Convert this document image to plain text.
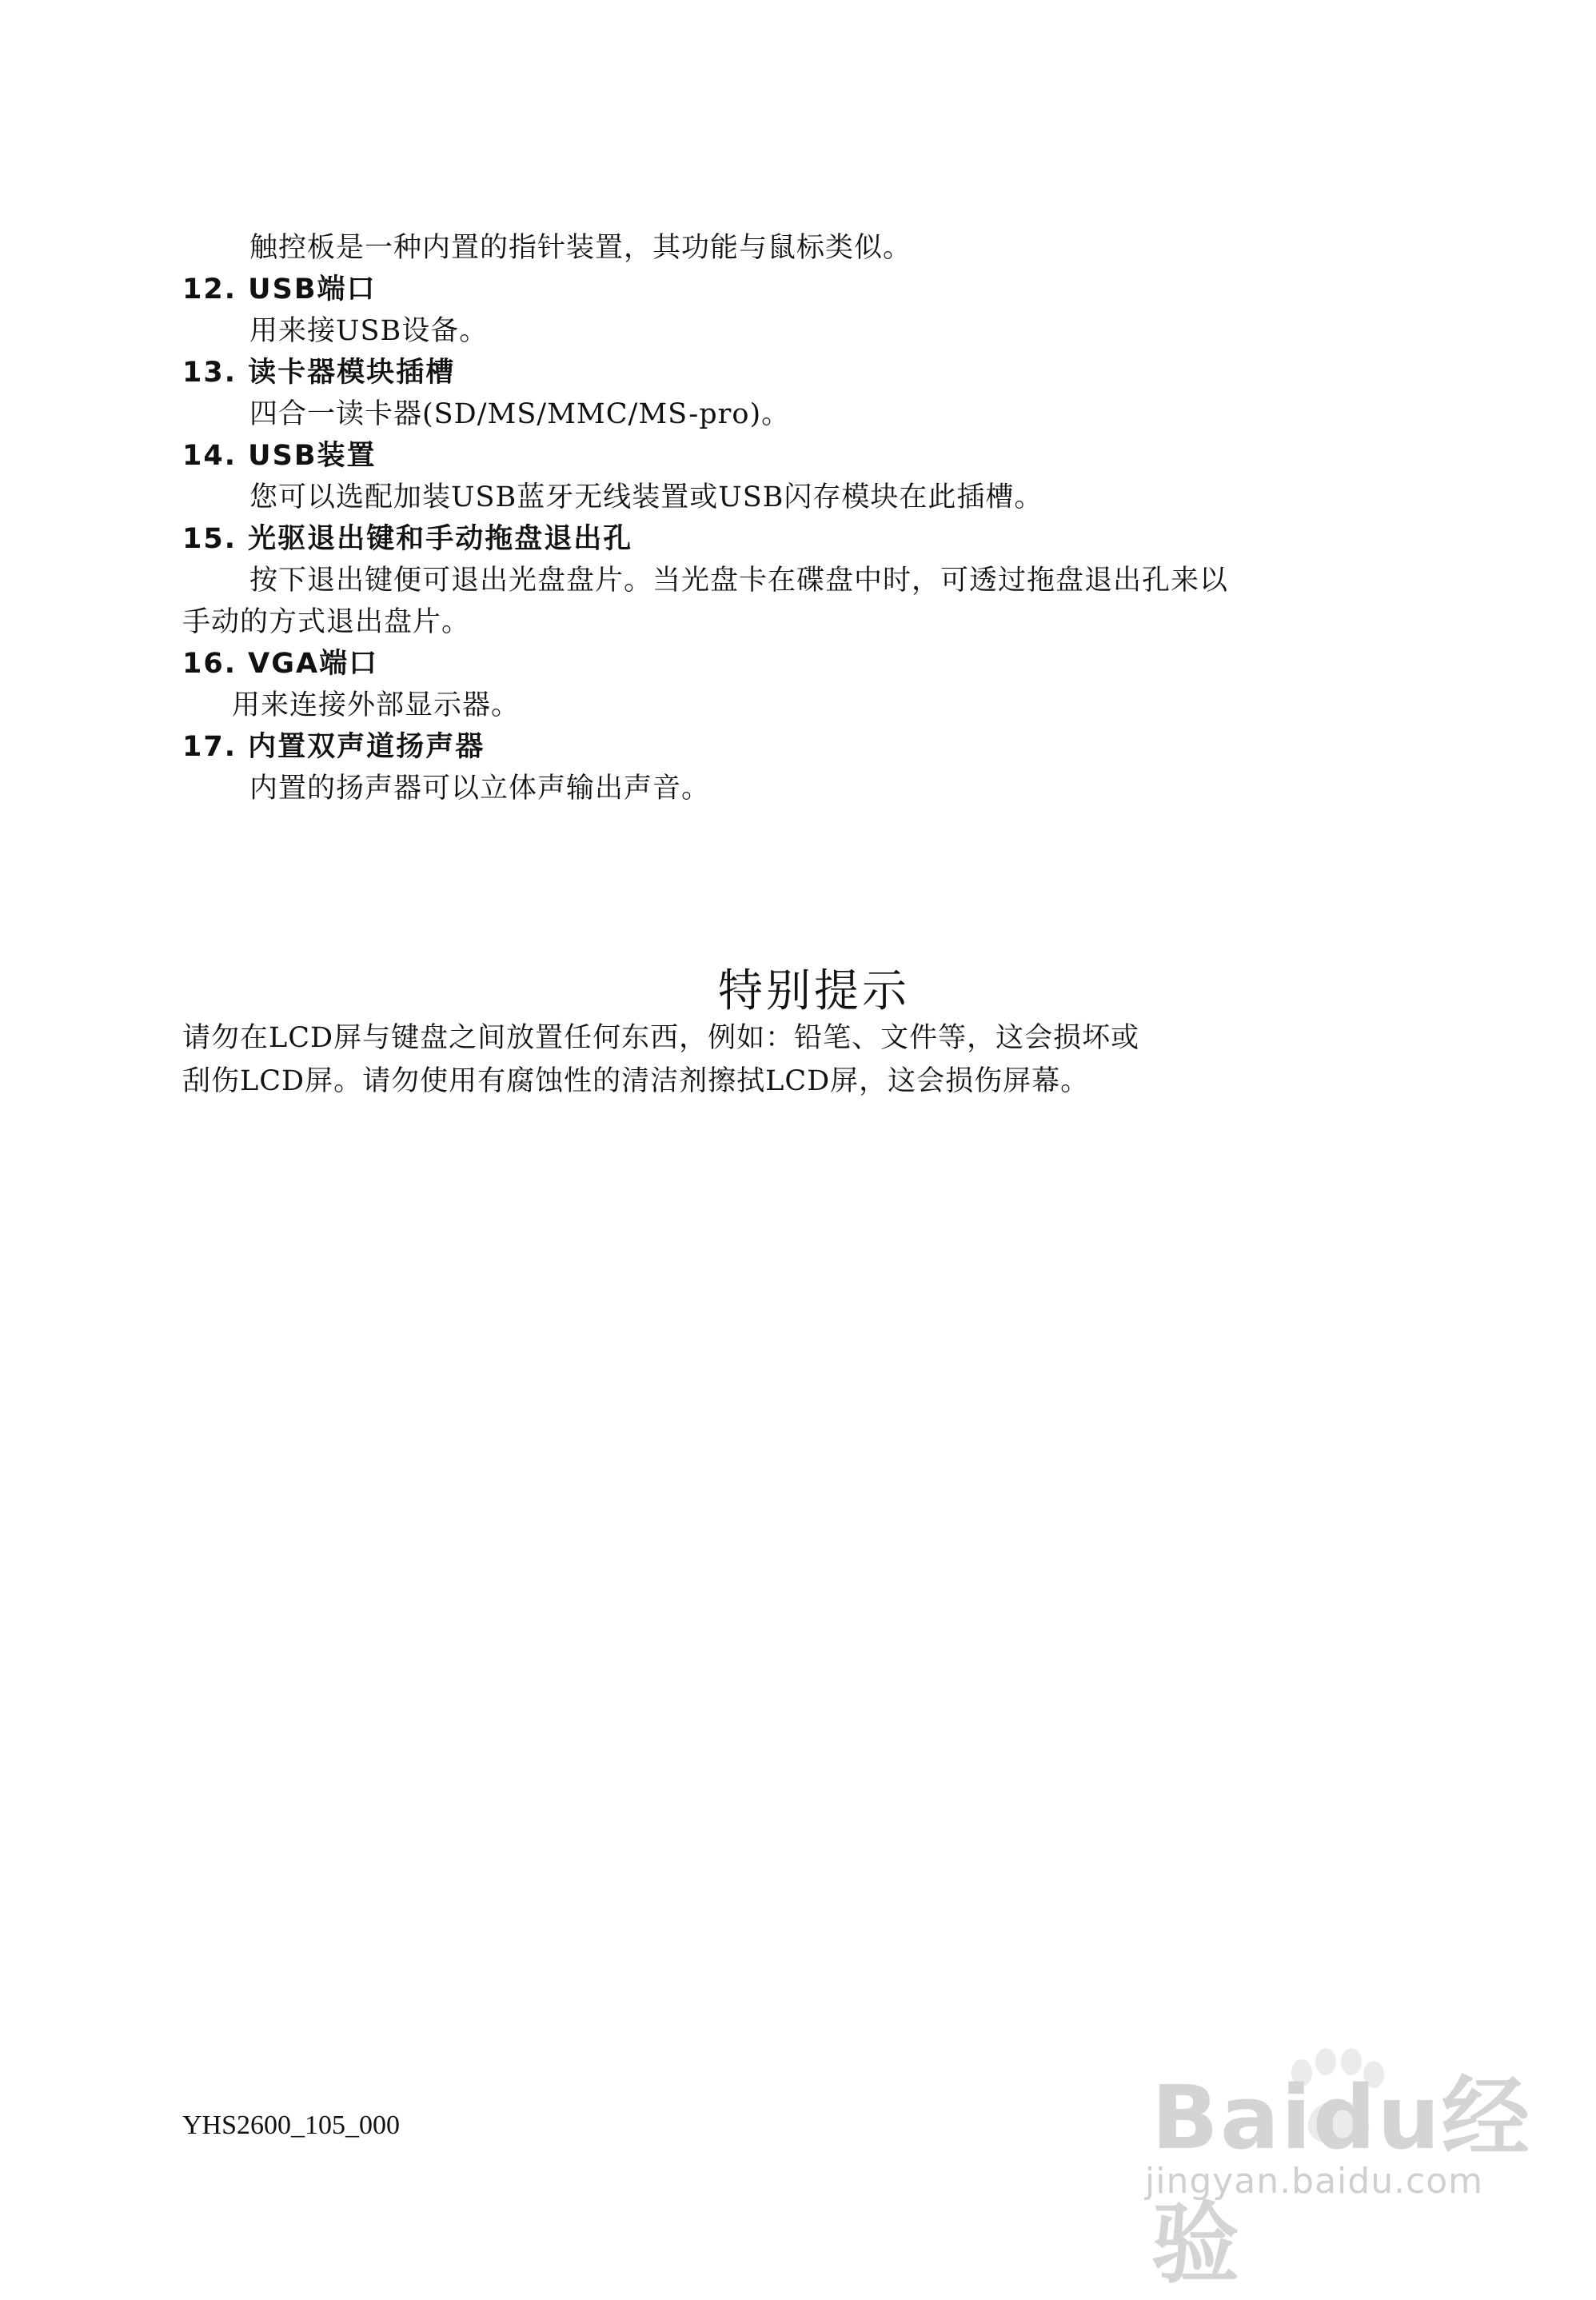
触控板是一种内置的指针装置，其功能与鼠标类似。
12. USB端口
用来接USB设备。
13. 读卡器模块插槽
四合一读卡器(SD/MS/MMC/MS-pro)。
14. USB装置
您可以选配加装USB蓝牙无线装置或USB闪存模块在此插槽。
15. 光驱退出键和手动拖盘退出孔
按下退出键便可退出光盘盘片。当光盘卡在碟盘中时，可透过拖盘退出孔来以
手动的方式退出盘片。
16. VGA端口
用来连接外部显示器。
17. 内置双声道扬声器
内置的扬声器可以立体声输出声音。
特别提示
请勿在LCD屏与键盘之间放置任何东西，例如：铅笔、文件等，这会损坏或
刮伤LCD屏。请勿使用有腐蚀性的清洁剂擦拭LCD屏，这会损伤屏幕。
YHS2600_105_000	Baidu经验
jingyan.baidu.com
